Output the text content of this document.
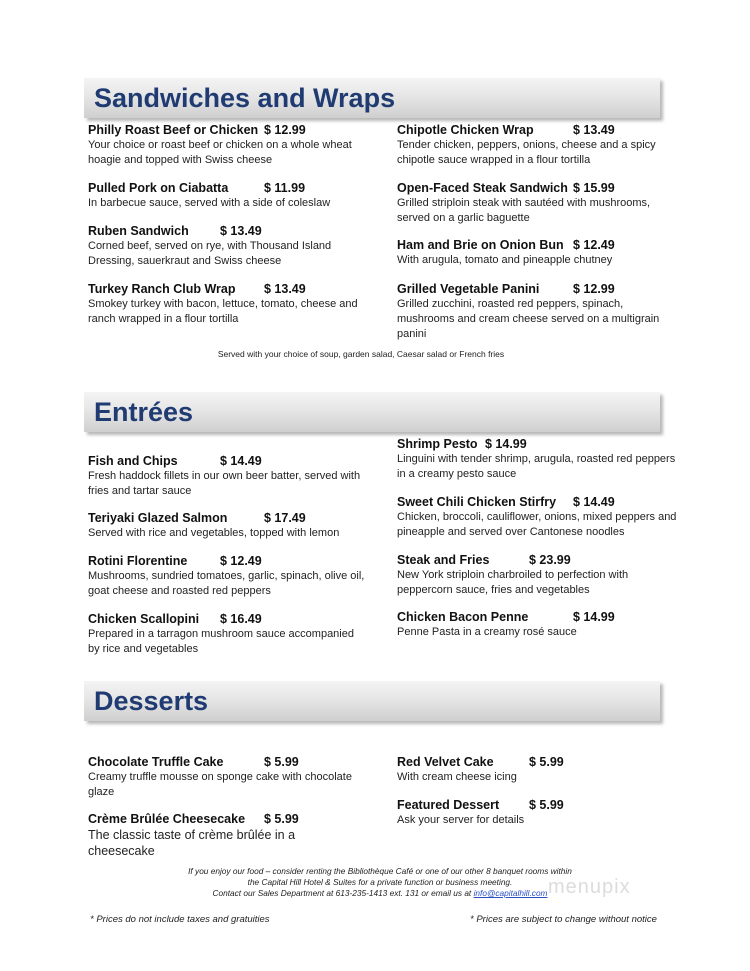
Sandwiches and Wraps
Entrées
Desserts
Philly Roast Beef or Chicken $ 12.99
Your choice or roast beef or chicken on a whole wheat hoagie and topped with Swiss cheese
Pulled Pork on Ciabatta	$ 11.99
In barbecue sauce, served with a side of coleslaw
Ruben Sandwich	$ 13.49
Corned beef, served on rye, with Thousand Island Dressing, sauerkraut and Swiss cheese
Turkey Ranch Club Wrap $ 13.49
Smokey turkey with bacon, lettuce, tomato, cheese and ranch wrapped in a flour tortilla
Chipotle Chicken Wrap	$ 13.49
Tender chicken, peppers, onions, cheese and a spicy chipotle sauce wrapped in a flour tortilla
Open-Faced Steak Sandwich $ 15.99
Grilled striploin steak with sautéed with mushrooms, served on a garlic baguette
Ham and Brie on Onion Bun $ 12.49
With arugula, tomato and pineapple chutney
Grilled Vegetable Panini	$ 12.99
Grilled zucchini, roasted red peppers, spinach, mushrooms and cream cheese served on a multigrain panini
Served with your choice of soup, garden salad, Caesar salad or French fries
Fish and Chips	$ 14.49
Fresh haddock fillets in our own beer batter, served with fries and tartar sauce
Teriyaki Glazed Salmon	$ 17.49
Served with rice and vegetables, topped with lemon
Rotini Florentine	$ 12.49
Mushrooms, sundried tomatoes, garlic, spinach, olive oil, goat cheese and roasted red peppers
Chicken Scallopini $ 16.49
Prepared in a tarragon mushroom sauce accompanied by rice and vegetables
Shrimp Pesto $ 14.99
Linguini with tender shrimp, arugula, roasted red peppers in a creamy pesto sauce
Sweet Chili Chicken Stirfry $ 14.49
Chicken, broccoli, cauliflower, onions, mixed peppers and pineapple and served over Cantonese noodles
Steak and Fries	$ 23.99
New York striploin charbroiled to perfection with peppercorn sauce, fries and vegetables
Chicken Bacon Penne	$ 14.99
Penne Pasta in a creamy rosé sauce
Chocolate Truffle Cake	$ 5.99
Creamy truffle mousse on sponge cake with chocolate glaze
Crème Brûlée Cheesecake $ 5.99
The classic taste of crème brûlée in a cheesecake
Red Velvet Cake	$ 5.99
With cream cheese icing
Featured Dessert $ 5.99
Ask your server for details
If you enjoy our food – consider renting the Bibliothèque Café or one of our other 8 banquet rooms within
the Capital Hill Hotel & Suites for a private function or business meeting.
Contact our Sales Department at 613-235-1413 ext. 131 or email us at info@capitalhill.com menupix
* Prices do not include taxes and gratuities	* Prices are subject to change without notice
